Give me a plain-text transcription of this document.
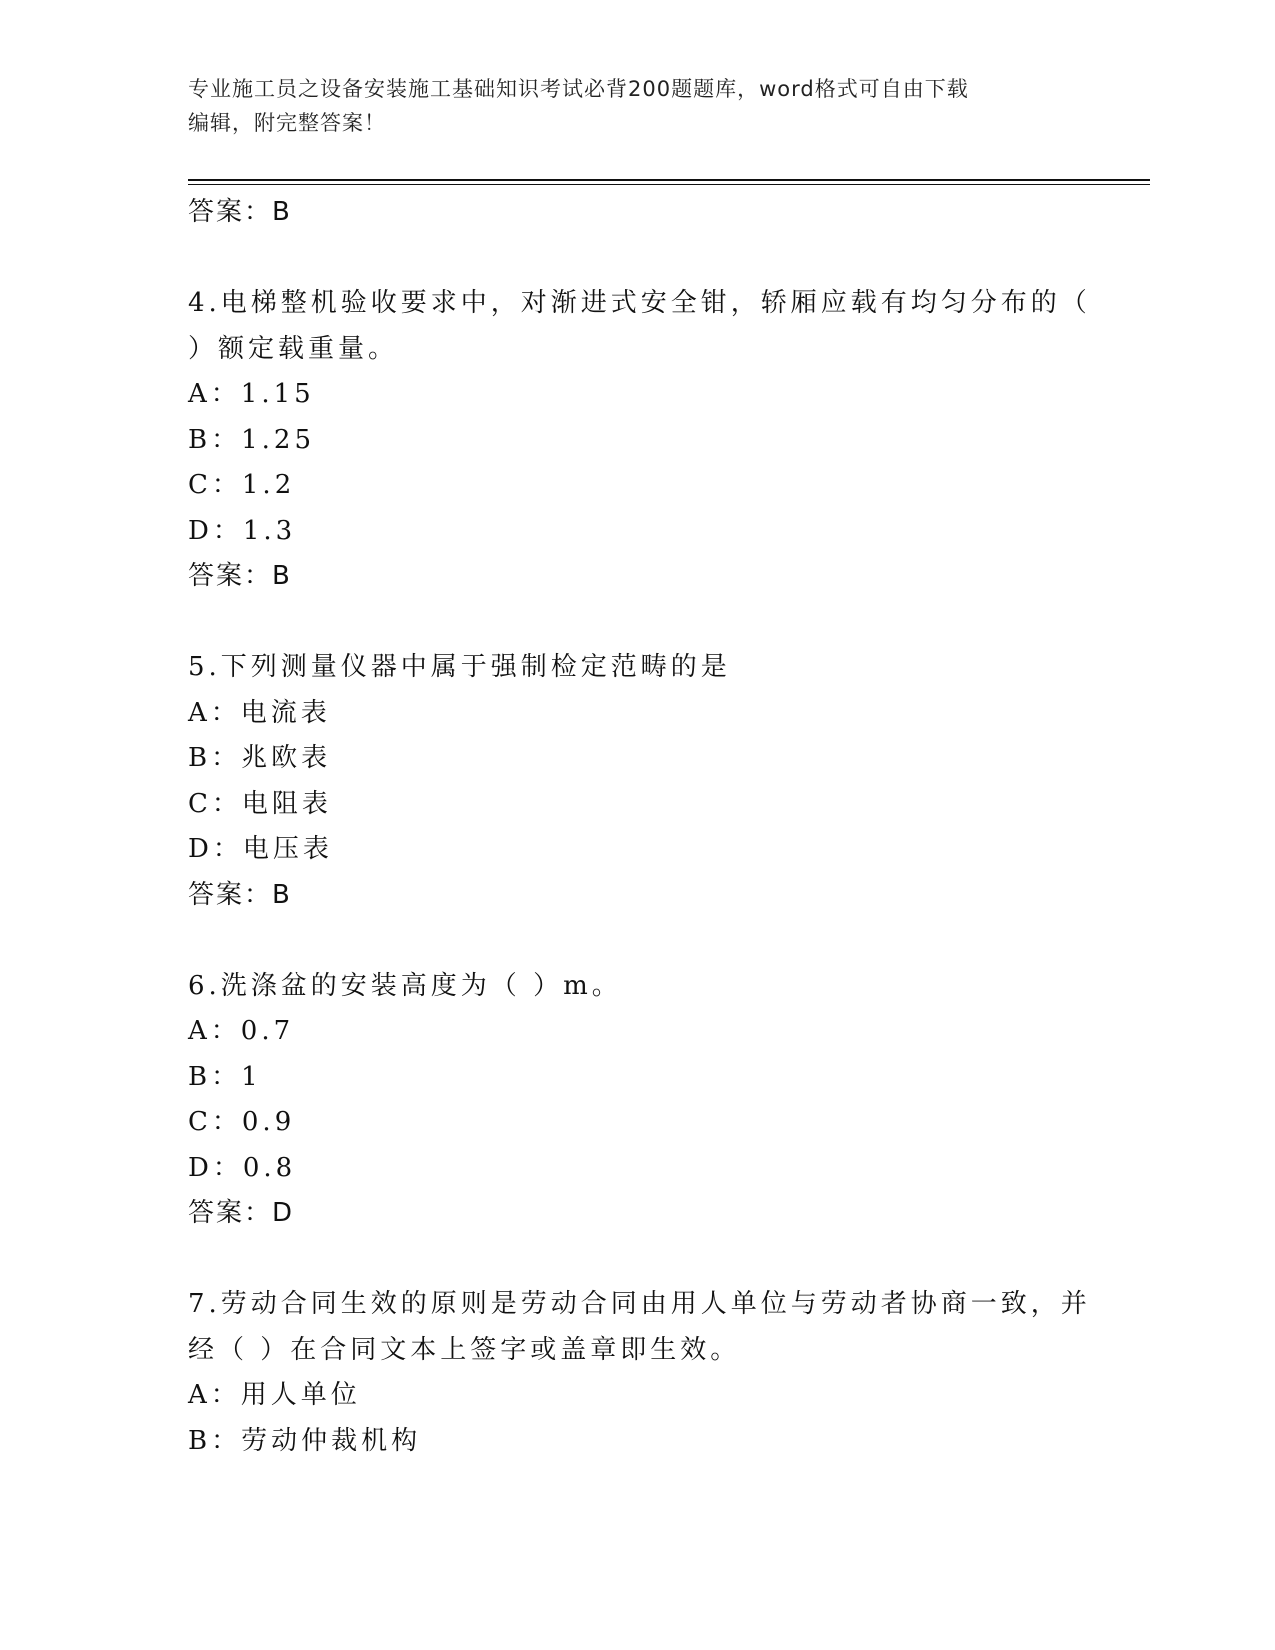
专业施工员之设备安装施工基础知识考试必背200题题库，word格式可自由下载
编辑，附完整答案！
答案：B
4.电梯整机验收要求中，对渐进式安全钳，轿厢应载有均匀分布的（
）额定载重量。
A：1.15
B：1.25
C：1.2
D：1.3
答案：B
5.下列测量仪器中属于强制检定范畴的是
A：电流表
B：兆欧表
C：电阻表
D：电压表
答案：B
6.洗涤盆的安装高度为（ ）m。
A：0.7
B：1
C：0.9
D：0.8
答案：D
7.劳动合同生效的原则是劳动合同由用人单位与劳动者协商一致，并
经（ ）在合同文本上签字或盖章即生效。
A：用人单位
B：劳动仲裁机构
